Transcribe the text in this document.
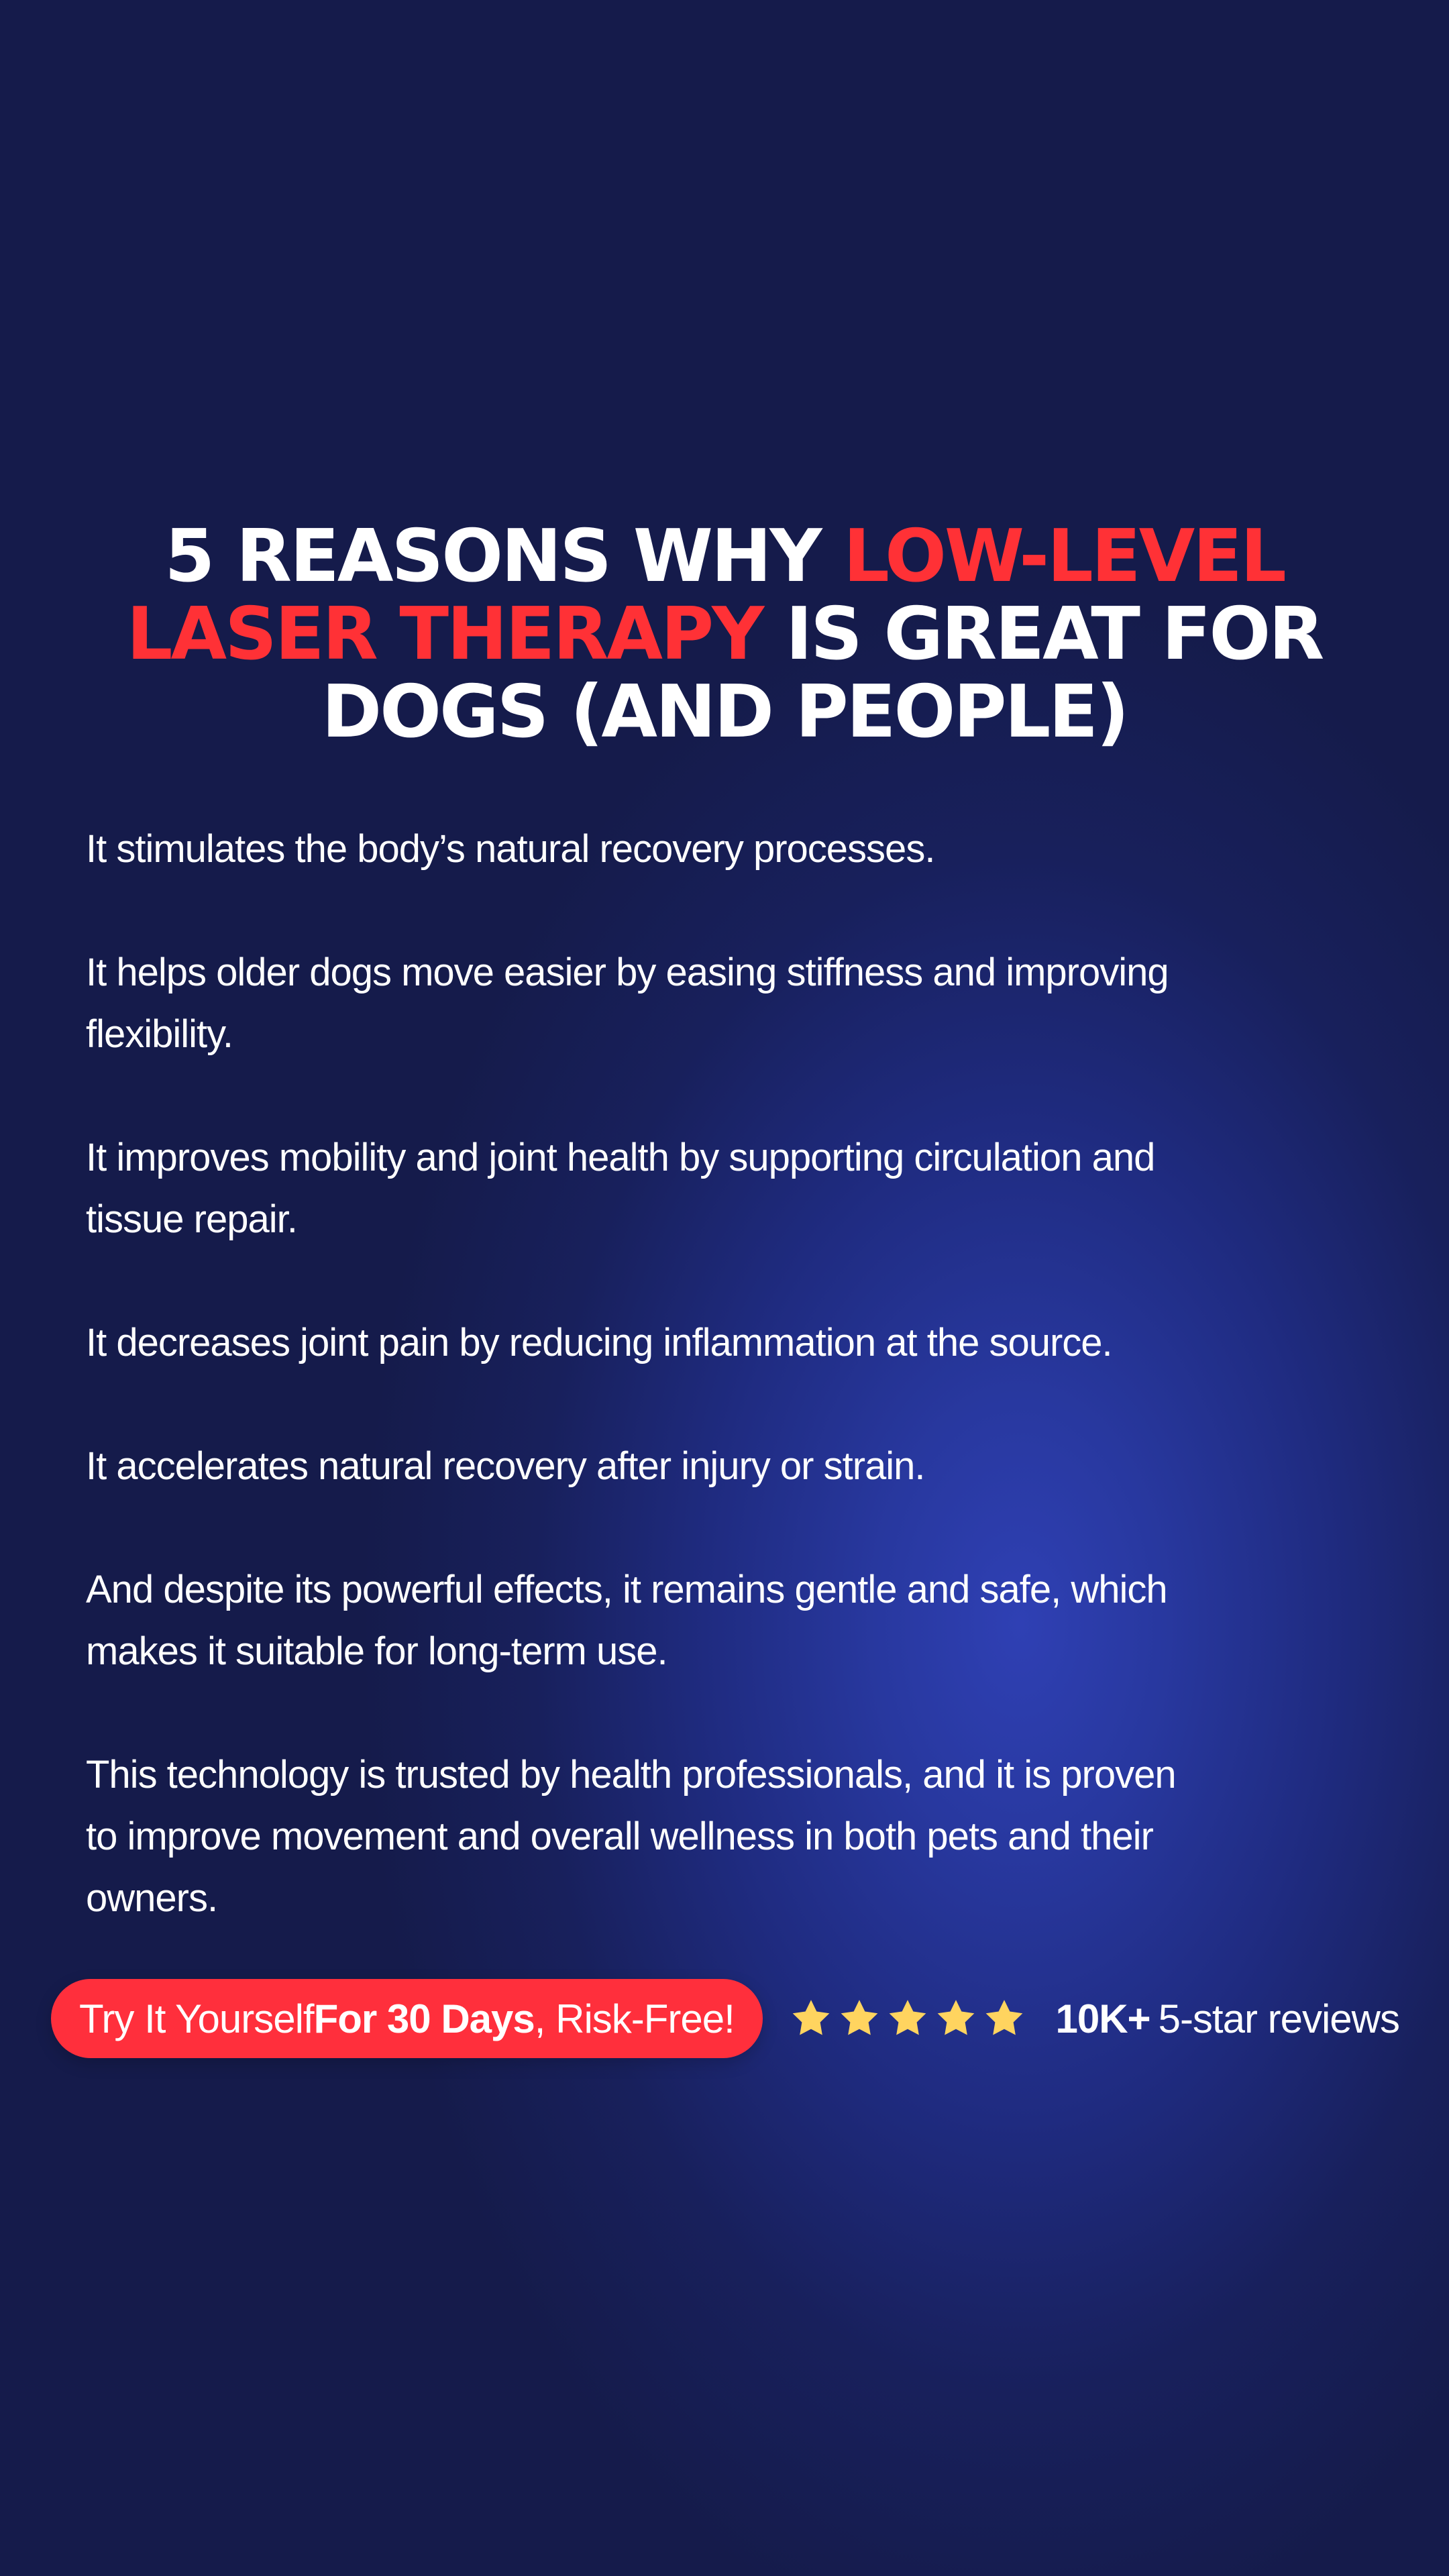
5 REASONS WHY LOW-LEVEL
LASER THERAPY IS GREAT FOR
DOGS (AND PEOPLE)

It stimulates the body’s natural recovery processes.

It helps older dogs move easier by easing stiffness and improving
flexibility.

It improves mobility and joint health by supporting circulation and
tissue repair.

It decreases joint pain by reducing inflammation at the source.

It accelerates natural recovery after injury or strain.

And despite its powerful effects, it remains gentle and safe, which
makes it suitable for long-term use.

This technology is trusted by health professionals, and it is proven
to improve movement and overall wellness in both pets and their
owners.

Try It Yourself For 30 Days , Risk-Free!	10K+ 5-star reviews
